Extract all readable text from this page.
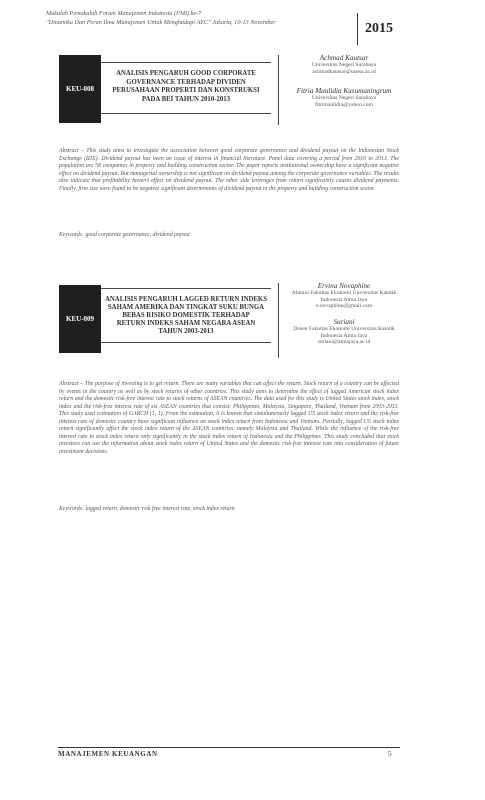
Makalah Pemakalah Forum Manajemen Indonesia (FMI) ke-7
"Dinamika Dan Peran Ilmu Manajemen Untuk Menghadapi AEC" Jakarta, 10-13 November	2015
KEU-008
ANALISIS PENGARUH GOOD CORPORATE
GOVERNANCE TERHADAP DIVIDEN
PERUSAHAAN PROPERTI DAN KONSTRUKSI
PADA BEI TAHUN 2010-2013
Achmad Kautsar
Universitas Negeri Surabaya
achmadkautsar@unesa.ac.id
Fitria Maulidia Kusumaningrum
Universitas Negeri Surabaya
fitrimaulidia@yahoo.com
Abstract – This study aims to investigate the association between good corporate governance and dividend payout on the Indonesian Stock Exchange (IDX). Dividend payout has been an issue of interest in financial literature. Panel data covering a period from 2010 to 2013. The population are 58 companies in property and building construction sector. The paper reports institutional ownership have a significant negative effect on dividend payout. But managerial ownership is not significant on dividend payout among the corporate governance variables. The results also indicate that profitability haven't effect on dividend payout. The other side leverages from return significantly causes dividend payments. Finally, firm size were found to be negative significant determinants of dividend payout in the property and building construction sector.
Keywords: good corporate governance, dividend payout
KEU-009
ANALISIS PENGARUH LAGGED RETURN INDEKS
SAHAM AMERIKA DAN TINGKAT SUKU BUNGA
BEBAS RISIKO DOMESTIK TERHADAP
RETURN INDEKS SAHAM NEGARA ASEAN
TAHUN 2003-2013
Ervina Novaphine
Alumni Fakultas Ekonomi Universitas Katolik Indonesia Atma Jaya
e.novaphine@gmail.com
Suriani
Dosen Fakultas Ekonomi Universitas Katolik Indonesia Atma Jaya
suriani@atmajaya.ac.id
Abstract – The purpose of investing is to get return. There are many variables that can affect the return. Stock return of a country can be affected by events in the country as well as by stock returns of other countries. This study aims to determine the effect of lagged American stock index return and the domestic risk-free interest rate to stock returns of ASEAN countries. The data used for this study is United States stock index, stock index and the risk-free interest rate of six ASEAN countries that consist: Philippines, Malaysia, Singapore, Thailand, Vietnam from 2003-2013. This study used estimation of GARCH (1, 1). From the estimation, it is known that simultaneously lagged US stock index return and the risk-free interest rate of domestic country have significant influence on stock index return from Indonesia and Vietnam. Partially, lagged US stock index return significantly affect the stock index return of the ASEAN countries, namely Malaysia and Thailand. While the influence of the risk-free interest rate to stock index return only significantly in the stock index return of Indonesia and the Philippines. This study concluded that stock investors can use the information about stock index return of United States and the domestic risk-free interest rate into consideration of future investment decisions.
Keywords: lagged return, domestic risk free interest rate, stock index return
MANAJEMEN KEUANGAN	5
